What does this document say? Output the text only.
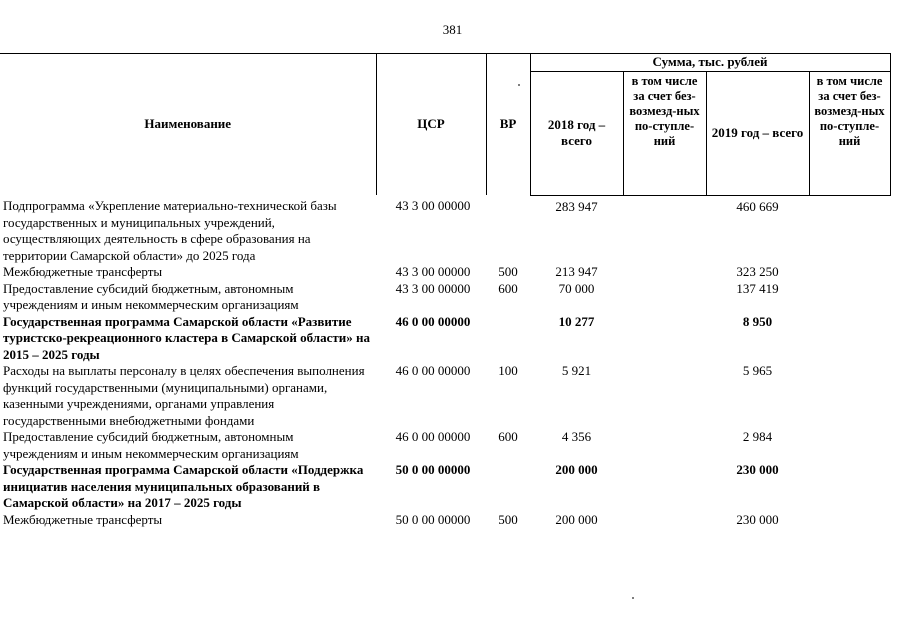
381
Наименование	ЦСР	ВР	Сумма, тыс. рублей			
			2018 год – всего	в том числе за счет без-возмезд-ных по-ступле-ний	2019 год – всего	в том числе за счет без-возмезд-ных по-ступле-ний
Подпрограмма «Укрепление материально-технической базы государственных и муниципальных учреждений, осуществляющих деятельность в сфере образования на территории Самарской области» до 2025 года	43 3 00 00000		283 947		460 669	
Межбюджетные трансферты	43 3 00 00000	500	213 947		323 250	
Предоставление субсидий бюджетным, автономным учреждениям и иным некоммерческим организациям	43 3 00 00000	600	70 000		137 419	
Государственная программа Самарской области «Развитие туристско-рекреационного кластера в Самарской области» на 2015 – 2025 годы	46 0 00 00000		10 277		8 950	
Расходы на выплаты персоналу в целях обеспечения выполнения функций государственными (муниципальными) органами, казенными учреждениями, органами управления государственными внебюджетными фондами	46 0 00 00000	100	5 921		5 965	
Предоставление субсидий бюджетным, автономным учреждениям и иным некоммерческим организациям	46 0 00 00000	600	4 356		2 984	
Государственная программа Самарской области «Поддержка инициатив населения муниципальных образований в Самарской области» на 2017 – 2025 годы	50 0 00 00000		200 000		230 000	
Межбюджетные трансферты	50 0 00 00000	500	200 000		230 000	
